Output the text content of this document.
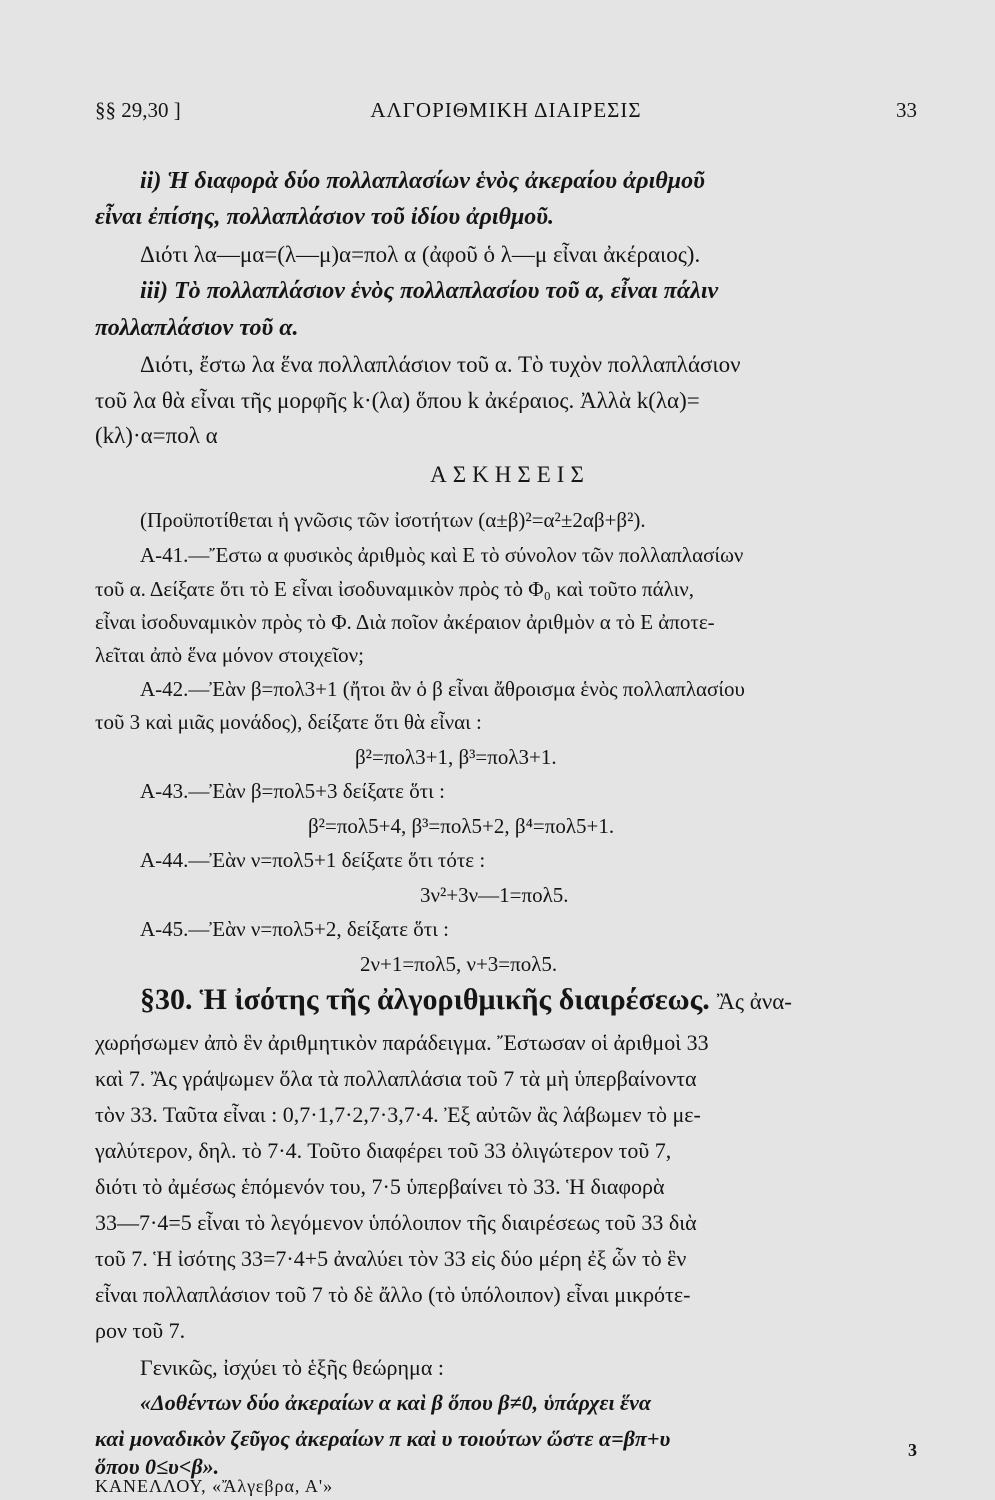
§§ 29,30 ]	ΑΛΓΟΡΙΘΜΙΚΗ ΔΙΑΙΡΕΣΙΣ	33
ii) Ἡ διαφορὰ δύο πολλαπλασίων ἑνὸς ἀκεραίου ἀριθμοῦ
εἶναι ἐπίσης, πολλαπλάσιον τοῦ ἰδίου ἀριθμοῦ.
Διότι λα—μα=(λ—μ)α=πολ α (ἀφοῦ ὁ λ—μ εἶναι ἀκέραιος).
iii) Τὸ πολλαπλάσιον ἑνὸς πολλαπλασίου τοῦ α, εἶναι πάλιν
πολλαπλάσιον τοῦ α.
Διότι, ἔστω λα ἕνα πολλαπλάσιον τοῦ α. Τὸ τυχὸν πολλαπλάσιον
τοῦ λα θὰ εἶναι τῆς μορφῆς k·(λα) ὅπου k ἀκέραιος. Ἀλλὰ k(λα)=
(kλ)·α=πολ α
ΑΣΚΗΣΕΙΣ
(Προϋποτίθεται ἡ γνῶσις τῶν ἰσοτήτων (α±β)²=α²±2αβ+β²).
Α-41.—Ἔστω α φυσικὸς ἀριθμὸς καὶ Ε τὸ σύνολον τῶν πολλαπλασίων
τοῦ α. Δείξατε ὅτι τὸ Ε εἶναι ἰσοδυναμικὸν πρὸς τὸ Φ₀ καὶ τοῦτο πάλιν,
εἶναι ἰσοδυναμικὸν πρὸς τὸ Φ. Διὰ ποῖον ἀκέραιον ἀριθμὸν α τὸ Ε ἀποτε-
λεῖται ἀπὸ ἕνα μόνον στοιχεῖον;
Α-42.—Ἐὰν β=πολ3+1 (ἤτοι ἂν ὁ β εἶναι ἄθροισμα ἑνὸς πολλαπλασίου
τοῦ 3 καὶ μιᾶς μονάδος), δείξατε ὅτι θὰ εἶναι :
β²=πολ3+1, β³=πολ3+1.
Α-43.—Ἐὰν β=πολ5+3 δείξατε ὅτι :
β²=πολ5+4, β³=πολ5+2, β⁴=πολ5+1.
Α-44.—Ἐὰν ν=πολ5+1 δείξατε ὅτι τότε :
3ν²+3ν—1=πολ5.
Α-45.—Ἐὰν ν=πολ5+2, δείξατε ὅτι :
2ν+1=πολ5, ν+3=πολ5.
§30. Ἡ ἰσότης τῆς ἀλγοριθμικῆς διαιρέσεως. Ἂς ἀνα-
χωρήσωμεν ἀπὸ ἓν ἀριθμητικὸν παράδειγμα. Ἔστωσαν οἱ ἀριθμοὶ 33
καὶ 7. Ἂς γράψωμεν ὅλα τὰ πολλαπλάσια τοῦ 7 τὰ μὴ ὑπερβαίνοντα
τὸν 33. Ταῦτα εἶναι : 0,7·1,7·2,7·3,7·4. Ἐξ αὐτῶν ἂς λάβωμεν τὸ με-
γαλύτερον, δηλ. τὸ 7·4. Τοῦτο διαφέρει τοῦ 33 ὀλιγώτερον τοῦ 7,
διότι τὸ ἀμέσως ἑπόμενόν του, 7·5 ὑπερβαίνει τὸ 33. Ἡ διαφορὰ
33—7·4=5 εἶναι τὸ λεγόμενον ὑπόλοιπον τῆς διαιρέσεως τοῦ 33 διὰ
τοῦ 7. Ἡ ἰσότης 33=7·4+5 ἀναλύει τὸν 33 εἰς δύο μέρη ἐξ ὧν τὸ ἓν
εἶναι πολλαπλάσιον τοῦ 7 τὸ δὲ ἄλλο (τὸ ὑπόλοιπον) εἶναι μικρότε-
ρον τοῦ 7.
Γενικῶς, ἰσχύει τὸ ἑξῆς θεώρημα :
«Δοθέντων δύο ἀκεραίων α καὶ β ὅπου β≠0, ὑπάρχει ἕνα
καὶ μοναδικὸν ζεῦγος ἀκεραίων π καὶ υ τοιούτων ὥστε α=βπ+υ	3
ὅπου 0≤υ<β».
ΚΑΝΕΛΛΟΥ, «Ἄλγεβρα, Α'»
